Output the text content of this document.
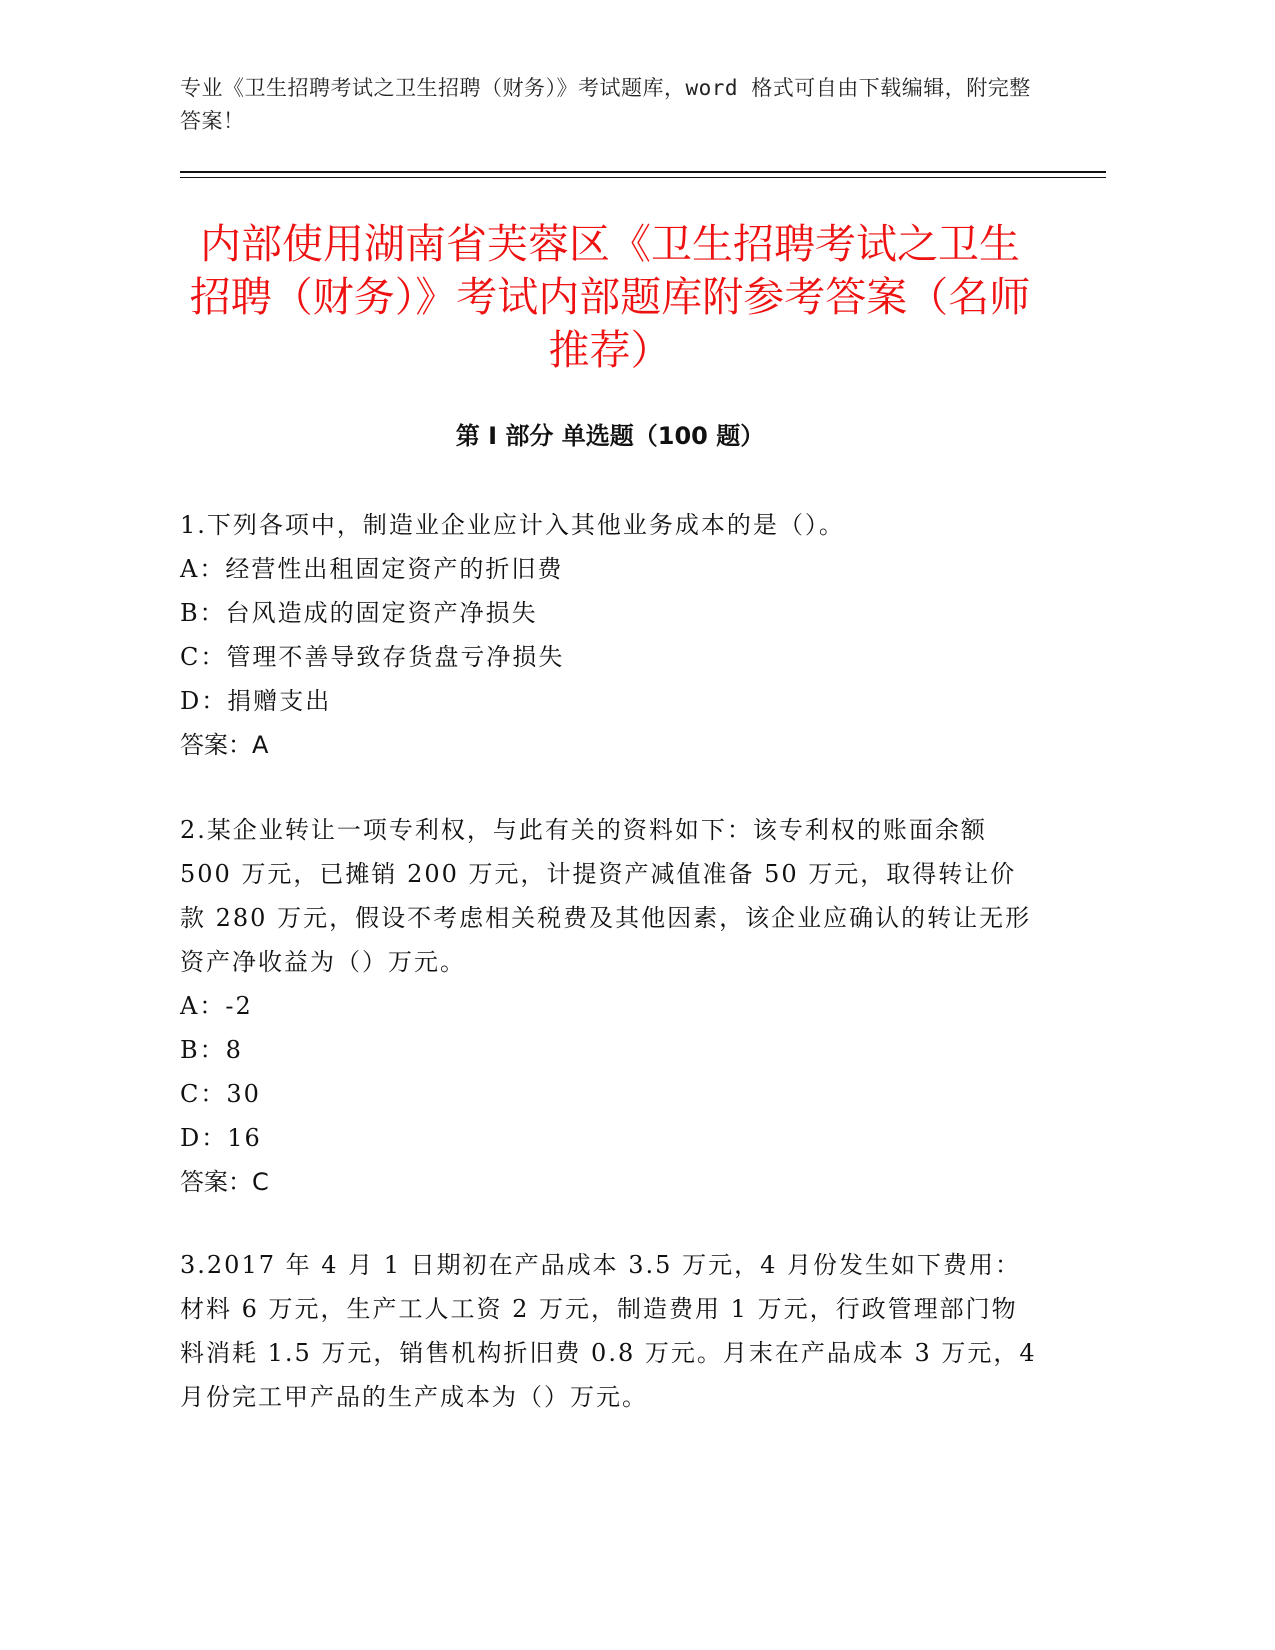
专业《卫生招聘考试之卫生招聘（财务）》考试题库，word 格式可自由下载编辑，附完整答案！
内部使用湖南省芙蓉区《卫生招聘考试之卫生招聘（财务）》考试内部题库附参考答案（名师推荐）
第 I 部分 单选题（100 题）

1.下列各项中，制造业企业应计入其他业务成本的是（）。

A：经营性出租固定资产的折旧费

B：台风造成的固定资产净损失

C：管理不善导致存货盘亏净损失

D：捐赠支出

答案：A

2.某企业转让一项专利权，与此有关的资料如下：该专利权的账面余额 500 万元，已摊销 200 万元，计提资产减值准备 50 万元，取得转让价款 280 万元，假设不考虑相关税费及其他因素，该企业应确认的转让无形资产净收益为（）万元。

A：-2

B：8

C：30

D：16

答案：C

3.2017 年 4 月 1 日期初在产品成本 3.5 万元，4 月份发生如下费用：材料 6 万元，生产工人工资 2 万元，制造费用 1 万元，行政管理部门物料消耗 1.5 万元，销售机构折旧费 0.8 万元。月末在产品成本 3 万元，4 月份完工甲产品的生产成本为（）万元。
